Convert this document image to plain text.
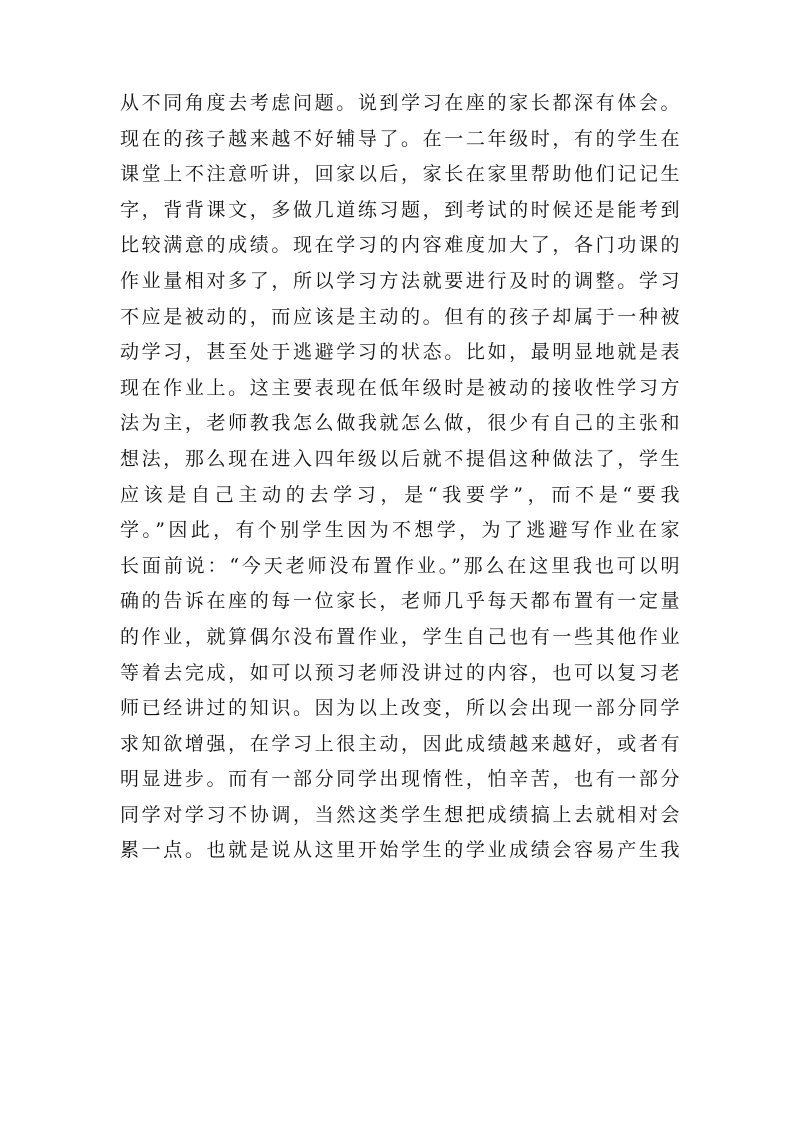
从不同角度去考虑问题。说到学习在座的家长都深有体会。
现在的孩子越来越不好辅导了。在一二年级时，有的学生在
课堂上不注意听讲，回家以后，家长在家里帮助他们记记生
字，背背课文，多做几道练习题，到考试的时候还是能考到
比较满意的成绩。现在学习的内容难度加大了，各门功课的
作业量相对多了，所以学习方法就要进行及时的调整。学习
不应是被动的，而应该是主动的。但有的孩子却属于一种被
动学习，甚至处于逃避学习的状态。比如，最明显地就是表
现在作业上。这主要表现在低年级时是被动的接收性学习方
法为主，老师教我怎么做我就怎么做，很少有自己的主张和
想法，那么现在进入四年级以后就不提倡这种做法了，学生
应该是自己主动的去学习，是“我要学”，而不是“要我
学。”因此，有个别学生因为不想学，为了逃避写作业在家
长面前说：“今天老师没布置作业。”那么在这里我也可以明
确的告诉在座的每一位家长，老师几乎每天都布置有一定量
的作业，就算偶尔没布置作业，学生自己也有一些其他作业
等着去完成，如可以预习老师没讲过的内容，也可以复习老
师已经讲过的知识。因为以上改变，所以会出现一部分同学
求知欲增强，在学习上很主动，因此成绩越来越好，或者有
明显进步。而有一部分同学出现惰性，怕辛苦，也有一部分
同学对学习不协调，当然这类学生想把成绩搞上去就相对会
累一点。也就是说从这里开始学生的学业成绩会容易产生我
